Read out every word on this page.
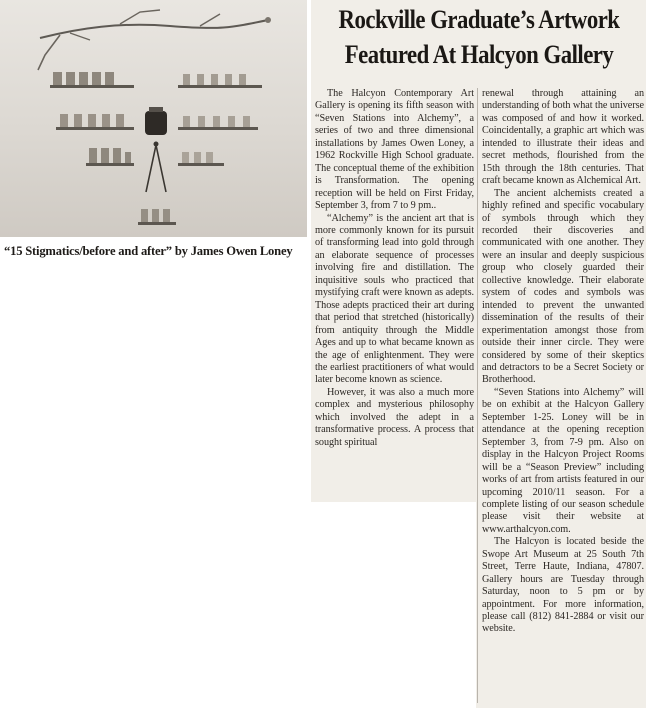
“15 Stigmatics/before and after” by James Owen Loney
Rockville Graduate’s Artwork
Featured At Halcyon Gallery

The Halcyon Contemporary Art Gallery is opening its fifth season with “Seven Stations into Alchemy”, a series of two and three dimensional installations by James Owen Loney, a 1962 Rockville High School graduate. The conceptual theme of the exhibition is Transformation. The opening reception will be held on First Friday, September 3, from 7 to 9 pm..

“Alchemy” is the ancient art that is more commonly known for its pursuit of transforming lead into gold through an elaborate sequence of processes involving fire and distillation. The inquisitive souls who practiced that mystifying craft were known as adepts. Those adepts practiced their art during that period that stretched (historically) from antiquity through the Middle Ages and up to what became known as the age of enlightenment. They were the earliest practitioners of what would later become known as science.

However, it was also a much more complex and mysterious philosophy which involved the adept in a transformative process. A process that sought spiritual

renewal through attaining an understanding of both what the universe was composed of and how it worked. Coincidentally, a graphic art which was intended to illustrate their ideas and secret methods, flourished from the 15th through the 18th centuries. That craft became known as Alchemical Art.

The ancient alchemists created a highly refined and specific vocabulary of symbols through which they recorded their discoveries and communicated with one another. They were an insular and deeply suspicious group who closely guarded their collective knowledge. Their elaborate system of codes and symbols was intended to prevent the unwanted dissemination of the results of their experimentation amongst those from outside their inner circle. They were considered by some of their skeptics and detractors to be a Secret Society or Brotherhood.

“Seven Stations into Alchemy” will be on exhibit at the Halcyon Gallery September 1-25. Loney will be in attendance at the opening reception September 3, from 7-9 pm. Also on display in the Halcyon Project Rooms will be a “Season Preview” including works of art from artists featured in our upcoming 2010/11 season. For a complete listing of our season schedule please visit their website at www.arthalcyon.com.

The Halcyon is located beside the Swope Art Museum at 25 South 7th Street, Terre Haute, Indiana, 47807. Gallery hours are Tuesday through Saturday, noon to 5 pm or by appointment. For more information, please call (812) 841-2884 or visit our website.
